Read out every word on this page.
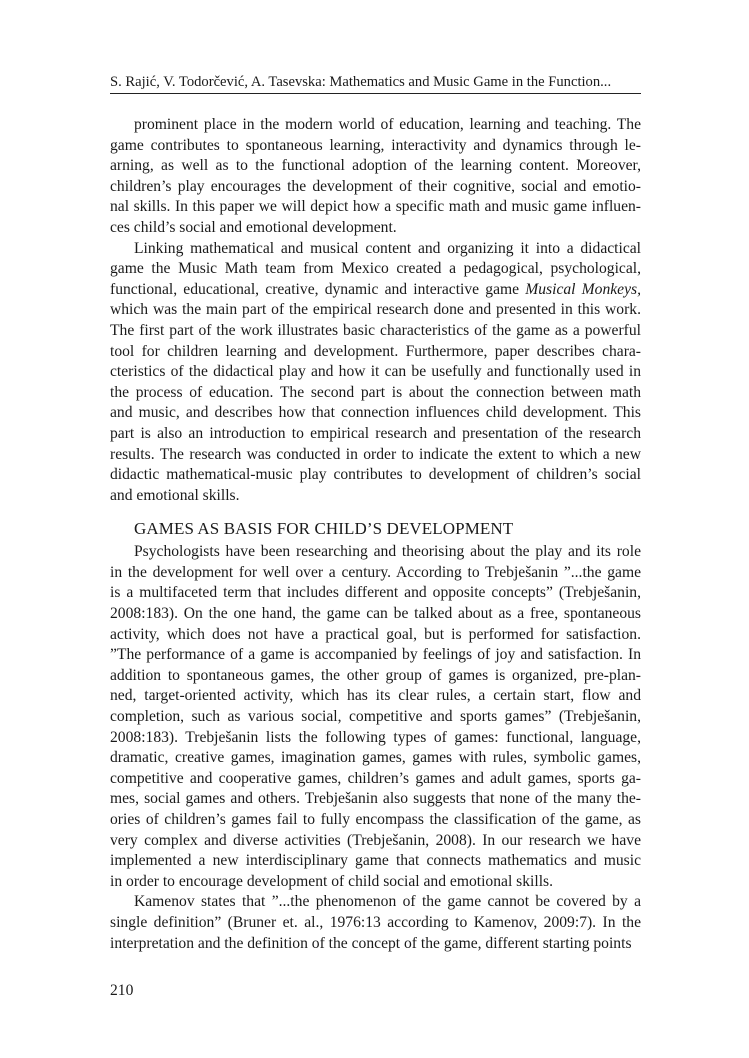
S. Rajić, V. Todorčević, A. Tasevska: Mathematics and Music Game in the Function...
prominent place in the modern world of education, learning and teaching. The
game contributes to spontaneous learning, interactivity and dynamics through le-
arning, as well as to the functional adoption of the learning content. Moreover,
children’s play encourages the development of their cognitive, social and emotio-
nal skills. In this paper we will depict how a specific math and music game influen-
ces child’s social and emotional development.
Linking mathematical and musical content and organizing it into a didactical
game the Music Math team from Mexico created a pedagogical, psychological,
functional, educational, creative, dynamic and interactive game Musical Monkeys,
which was the main part of the empirical research done and presented in this work.
The first part of the work illustrates basic characteristics of the game as a powerful
tool for children learning and development. Furthermore, paper describes chara-
cteristics of the didactical play and how it can be usefully and functionally used in
the process of education. The second part is about the connection between math
and music, and describes how that connection influences child development. This
part is also an introduction to empirical research and presentation of the research
results. The research was conducted in order to indicate the extent to which a new
didactic mathematical-music play contributes to development of children’s social
and emotional skills.
GAMES AS BASIS FOR CHILD’S DEVELOPMENT
Psychologists have been researching and theorising about the play and its role
in the development for well over a century. According to Trebješanin ”...the game
is a multifaceted term that includes different and opposite concepts” (Trebješanin,
2008:183). On the one hand, the game can be talked about as a free, spontaneous
activity, which does not have a practical goal, but is performed for satisfaction.
”The performance of a game is accompanied by feelings of joy and satisfaction. In
addition to spontaneous games, the other group of games is organized, pre-plan-
ned, target-oriented activity, which has its clear rules, a certain start, flow and
completion, such as various social, competitive and sports games” (Trebješanin,
2008:183). Trebješanin lists the following types of games: functional, language,
dramatic, creative games, imagination games, games with rules, symbolic games,
competitive and cooperative games, children’s games and adult games, sports ga-
mes, social games and others. Trebješanin also suggests that none of the many the-
ories of children’s games fail to fully encompass the classification of the game, as
very complex and diverse activities (Trebješanin, 2008). In our research we have
implemented a new interdisciplinary game that connects mathematics and music
in order to encourage development of child social and emotional skills.
Kamenov states that ”...the phenomenon of the game cannot be covered by a
single definition” (Bruner et. al., 1976:13 according to Kamenov, 2009:7). In the
interpretation and the definition of the concept of the game, different starting points
210
